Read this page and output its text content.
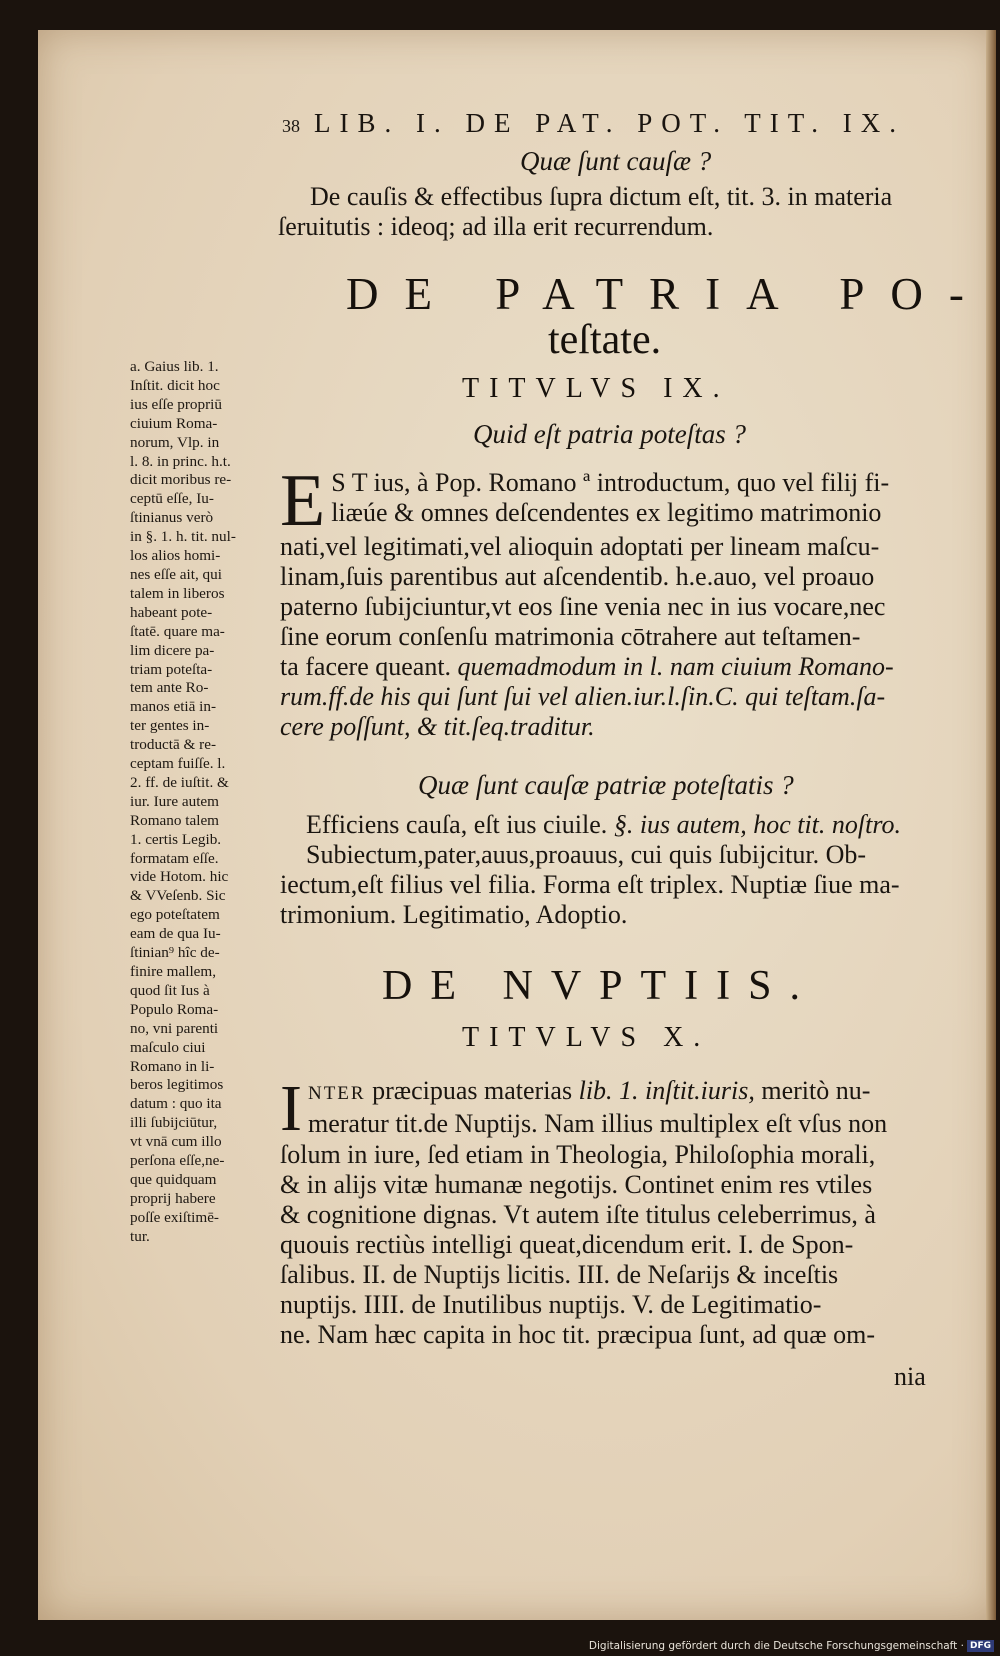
38 LIB. I. DE PAT. POT. TIT. IX.
Quæ ſunt cauſæ ?
De cauſis & effectibus ſupra dictum eſt, tit. 3. in materia
ſeruitutis : ideoq; ad illa erit recurrendum.
DE PATRIA PO-
teſtate.
TITVLVS IX.
Quid eſt patria poteſtas ?
E S T ius, à Pop. Romano ª introductum, quo vel filij fi-
liæúe & omnes deſcendentes ex legitimo matrimonio
nati,vel legitimati,vel alioquin adoptati per lineam maſcu-
linam,ſuis parentibus aut aſcendentib. h.e.auo, vel proauo
paterno ſubijciuntur,vt eos ſine venia nec in ius vocare,nec
ſine eorum conſenſu matrimonia cōtrahere aut teſtamen-
ta facere queant. quemadmodum in l. nam ciuium Romano-
rum.ff.de his qui ſunt ſui vel alien.iur.l.ſin.C. qui teſtam.ſa-
cere poſſunt, & tit.ſeq.traditur.
Quæ ſunt cauſæ patriæ poteſtatis ?
Efficiens cauſa, eſt ius ciuile. §. ius autem, hoc tit. noſtro.
Subiectum,pater,auus,proauus, cui quis ſubijcitur. Ob-
iectum,eſt filius vel filia. Forma eſt triplex. Nuptiæ ſiue ma-
trimonium. Legitimatio, Adoptio.
DE NVPTIIS.
TITVLVS X.
I NTER præcipuas materias lib. 1. inſtit.iuris, meritò nu-
meratur tit.de Nuptijs. Nam illius multiplex eſt vſus non
ſolum in iure, ſed etiam in Theologia, Philoſophia morali,
& in alijs vitæ humanæ negotijs. Continet enim res vtiles
& cognitione dignas. Vt autem iſte titulus celeberrimus, à
quouis rectiùs intelligi queat,dicendum erit. I. de Spon-
ſalibus. II. de Nuptijs licitis. III. de Neſarijs & inceſtis
nuptijs. IIII. de Inutilibus nuptijs. V. de Legitimatio-
ne. Nam hæc capita in hoc tit. præcipua ſunt, ad quæ om-
nia
a. Gaius lib. 1.
Inſtit. dicit hoc
ius eſſe propriū
ciuium Roma-
norum, Vlp. in
l. 8. in princ. h.t.
dicit moribus re-
ceptū eſſe, Iu-
ſtinianus verò
in §. 1. h. tit. nul-
los alios homi-
nes eſſe ait, qui
talem in liberos
habeant pote-
ſtatē. quare ma-
lim dicere pa-
triam poteſta-
tem ante Ro-
manos etiā in-
ter gentes in-
troductā & re-
ceptam fuiſſe. l.
2. ff. de iuſtit. &
iur. Iure autem
Romano talem
1. certis Legib.
formatam eſſe.
vide Hotom. hic
& VVeſenb. Sic
ego poteſtatem
eam de qua Iu-
ſtinian⁹ hîc de-
finire mallem,
quod ſit Ius à
Populo Roma-
no, vni parenti
maſculo ciui
Romano in li-
beros legitimos
datum : quo ita
illi ſubijciūtur,
vt vnā cum illo
perſona eſſe,ne-
que quidquam
proprij habere
poſſe exiſtimē-
tur.
Digitalisierung gefördert durch die Deutsche Forschungsgemeinschaft · DFG
